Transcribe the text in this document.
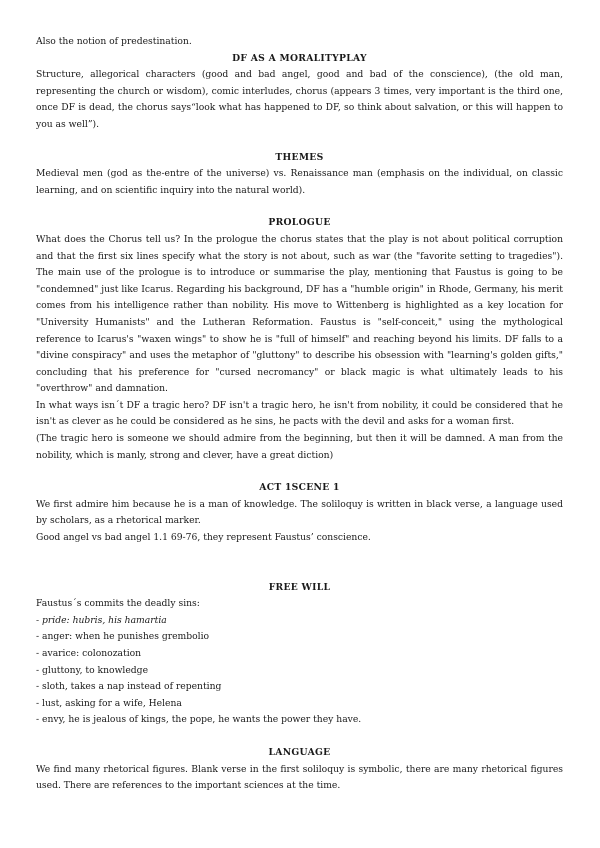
Also the notion of predestination.

DF AS A MORALITYPLAY

Structure, allegorical characters (good and bad angel, good and bad of the conscience), (the old man, representing the church or wisdom), comic interludes, chorus (appears 3 times, very important is the third one, once DF is dead, the chorus says“look what has happened to DF, so think about salvation, or this will happen to you as well”).

THEMES

Medieval men (god as the-entre of the universe) vs. Renaissance man (emphasis on the individual, on classic learning, and on scientific inquiry into the natural world).

PROLOGUE

What does the Chorus tell us? In the prologue the chorus states that the play is not about political corruption and that the first six lines specify what the story is not about, such as war (the "favorite setting to tragedies"). The main use of the prologue is to introduce or summarise the play, mentioning that Faustus is going to be "condemned" just like Icarus. Regarding his background, DF has a "humble origin" in Rhode, Germany, his merit comes from his intelligence rather than nobility. His move to Wittenberg is highlighted as a key location for "University Humanists" and the Lutheran Reformation. Faustus is "self-conceit," using the mythological reference to Icarus's "waxen wings" to show he is "full of himself" and reaching beyond his limits. DF falls to a "divine conspiracy" and uses the metaphor of "gluttony" to describe his obsession with "learning's golden gifts," concluding that his preference for "cursed necromancy" or black magic is what ultimately leads to his "overthrow" and damnation.

In what ways isn´t DF a tragic hero? DF isn't a tragic hero, he isn't from nobility, it could be considered that he isn't as clever as he could be considered as he sins, he pacts with the devil and asks for a woman first.

(The tragic hero is someone we should admire from the beginning, but then it will be damned. A man from the nobility, which is manly, strong and clever, have a great diction)

ACT 1SCENE 1

We first admire him because he is a man of knowledge. The soliloquy is written in black verse, a language used by scholars, as a rhetorical marker.

Good angel vs bad angel 1.1 69-76, they represent Faustus’ conscience.

FREE WILL

Faustus´s commits the deadly sins:

- pride: hubris, his hamartia
- anger: when he punishes grembolio
- avarice: colonozation
- gluttony, to knowledge
- sloth, takes a nap instead of repenting
- lust, asking for a wife, Helena
- envy, he is jealous of kings, the pope, he wants the power they have.
LANGUAGE

We find many rhetorical figures. Blank verse in the first soliloquy is symbolic, there are many rhetorical figures used. There are references to the important sciences at the time.
